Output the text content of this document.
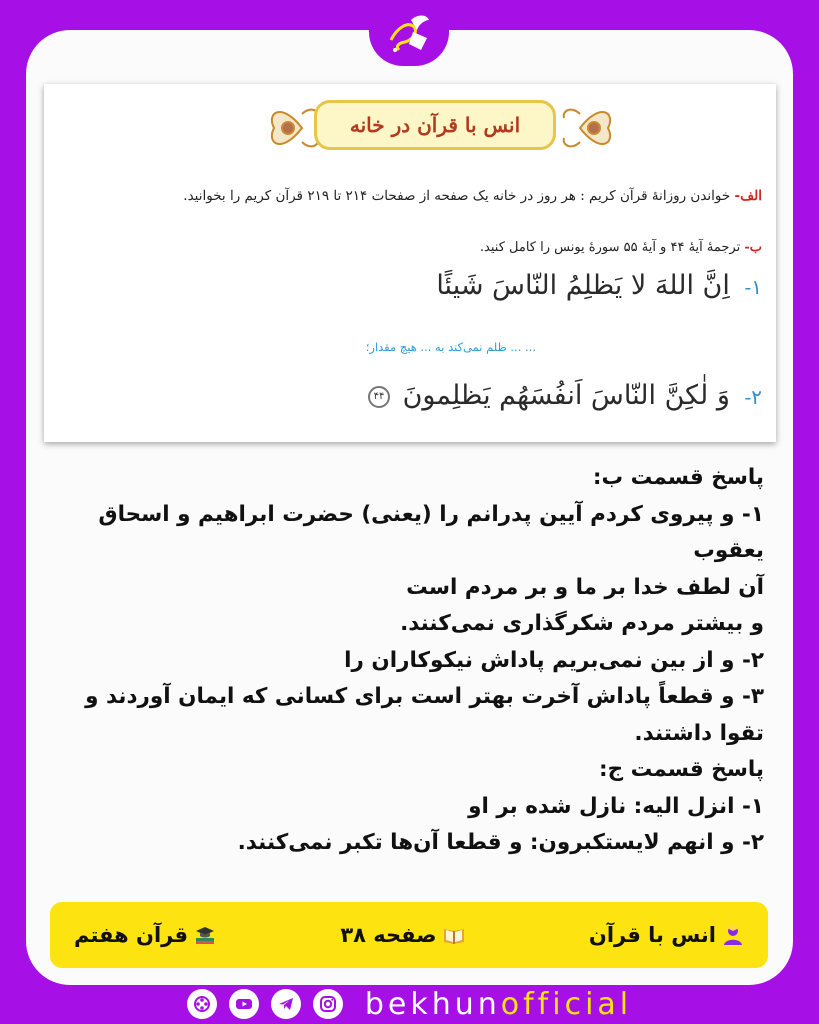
انس با قرآن در خانه
الف- خواندن روزانهٔ قرآن کریم : هر روز در خانه یک صفحه از صفحات ۲۱۴ تا ۲۱۹ قرآن کریم را بخوانید.
ب- ترجمهٔ آیهٔ ۴۴ و آیهٔ ۵۵ سورهٔ یونس را کامل کنید.
۱- اِنَّ اللهَ لا یَظلِمُ النّاسَ شَیئًا
... ... ظلم نمی‌کند به ... هیچ مقدار؛
۲- وَ لٰکِنَّ النّاسَ اَنفُسَهُم یَظلِمونَ ۴۴
پاسخ قسمت ب:
۱- و پیروی کردم آیین پدرانم را (یعنی) حضرت ابراهیم و اسحاق
یعقوب
آن لطف خدا بر ما و بر مردم است
و بیشتر مردم شکرگذاری نمی‌کنند.
۲- و از بین نمی‌بریم پاداش نیکوکاران را
۳- و قطعاً پاداش آخرت بهتر است برای کسانی که ایمان آوردند و
تقوا داشتند.
پاسخ قسمت ج:
۱- انزل الیه: نازل شده بر او
۲- و انهم لایستکبرون: و قطعا آن‌ها تکبر نمی‌کنند.
انس با قرآن
صفحه ۳۸
قرآن هفتم
bekhunofficial
